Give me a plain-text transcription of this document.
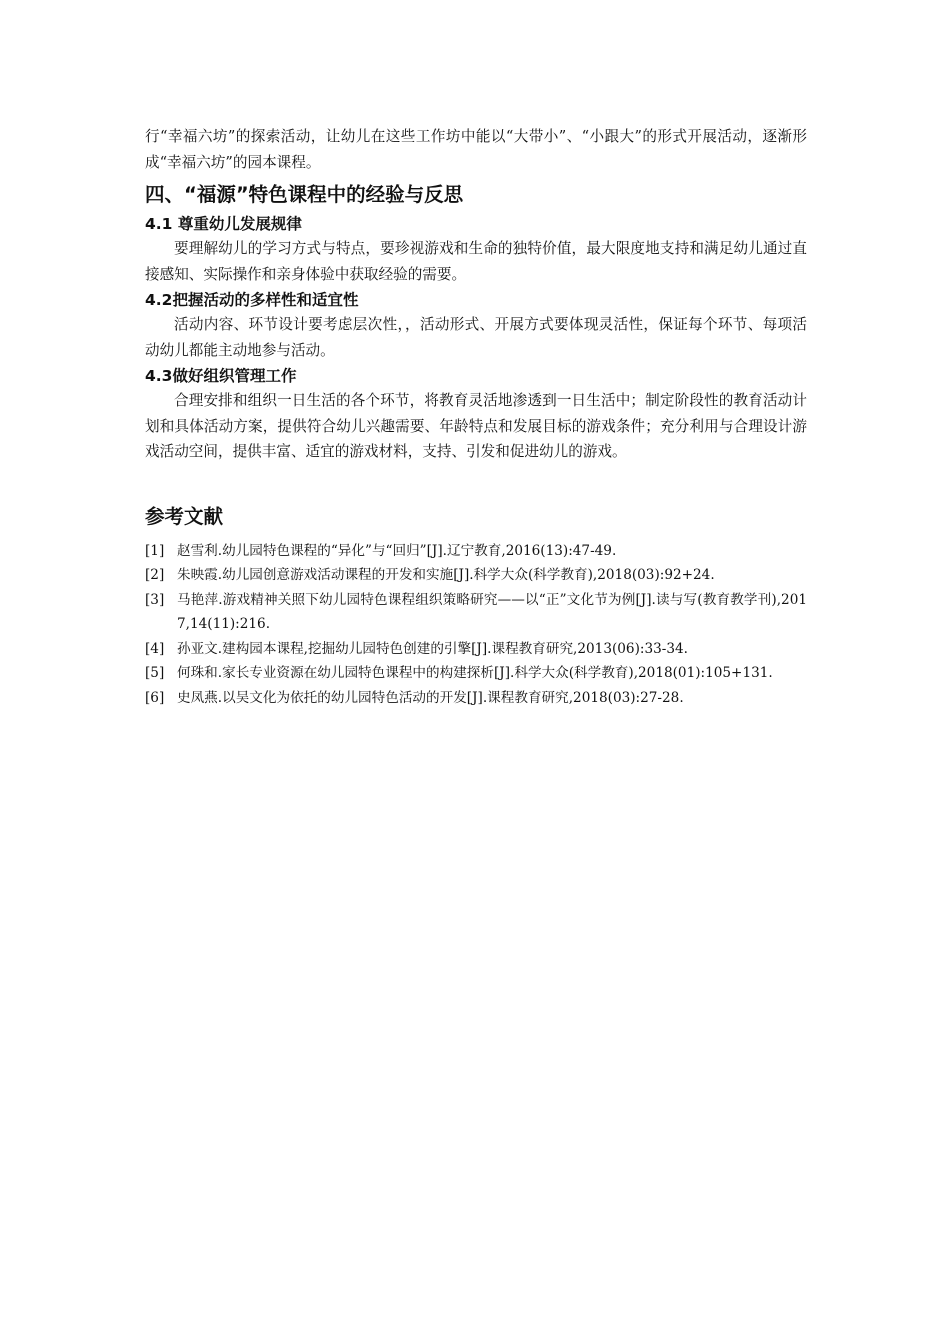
行“幸福六坊”的探索活动，让幼儿在这些工作坊中能以“大带小”、“小跟大”的形式开展活动，逐渐形成“幸福六坊”的园本课程。

四、“福源”特色课程中的经验与反思
4.1 尊重幼儿发展规律

要理解幼儿的学习方式与特点，要珍视游戏和生命的独特价值，最大限度地支持和满足幼儿通过直接感知、实际操作和亲身体验中获取经验的需要。

4.2把握活动的多样性和适宜性

活动内容、环节设计要考虑层次性，，活动形式、开展方式要体现灵活性，保证每个环节、每项活动幼儿都能主动地参与活动。

4.3做好组织管理工作

合理安排和组织一日生活的各个环节，将教育灵活地渗透到一日生活中；制定阶段性的教育活动计划和具体活动方案，提供符合幼儿兴趣需要、年龄特点和发展目标的游戏条件；充分利用与合理设计游戏活动空间，提供丰富、适宜的游戏材料，支持、引发和促进幼儿的游戏。

参考文献
[1] 赵雪利.幼儿园特色课程的“异化”与“回归”[J].辽宁教育,2016(13):47-49.
[2] 朱映霞.幼儿园创意游戏活动课程的开发和实施[J].科学大众(科学教育),2018(03):92+24.
[3] 马艳萍.游戏精神关照下幼儿园特色课程组织策略研究——以“正”文化节为例[J].读与写(教育教学刊),2017,14(11):216.
[4] 孙亚文.建构园本课程,挖掘幼儿园特色创建的引擎[J].课程教育研究,2013(06):33-34.
[5] 何珠和.家长专业资源在幼儿园特色课程中的构建探析[J].科学大众(科学教育),2018(01):105+131.
[6] 史凤燕.以吴文化为依托的幼儿园特色活动的开发[J].课程教育研究,2018(03):27-28.
